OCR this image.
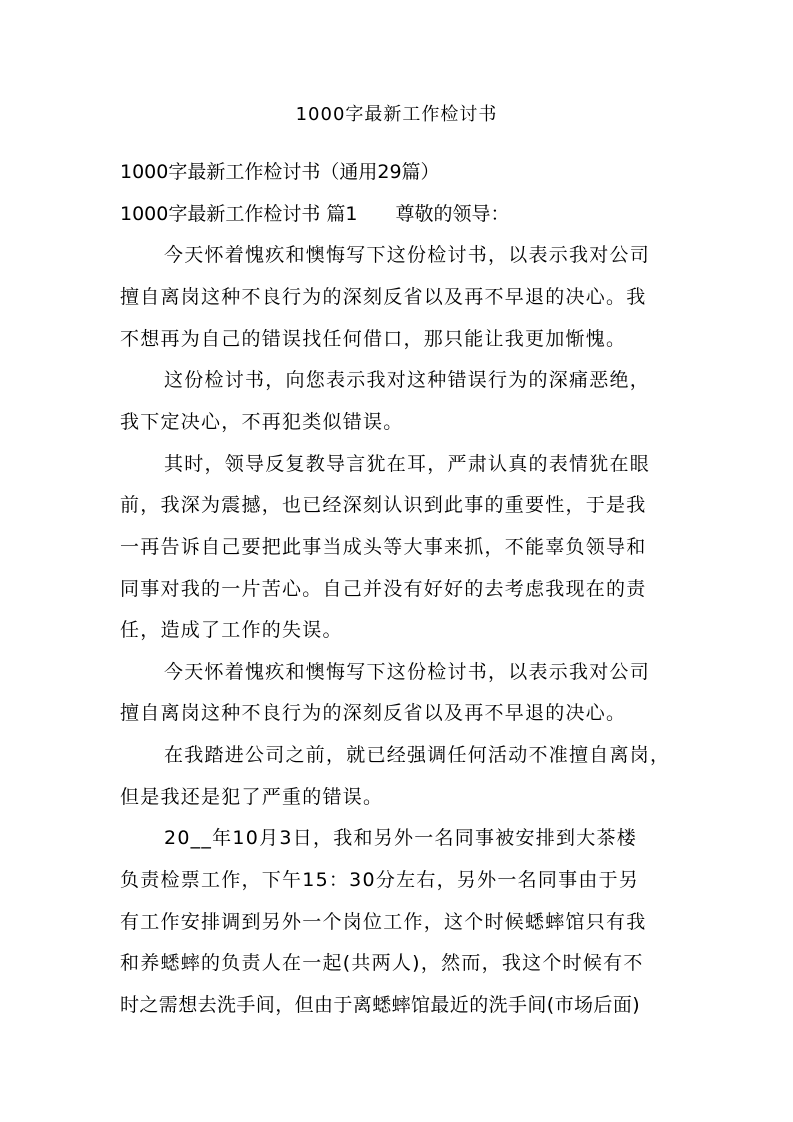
1000字最新工作检讨书

1000字最新工作检讨书（通用29篇）

1000字最新工作检讨书 篇1 尊敬的领导：

今天怀着愧疚和懊悔写下这份检讨书，以表示我对公司

擅自离岗这种不良行为的深刻反省以及再不早退的决心。我

不想再为自己的错误找任何借口，那只能让我更加惭愧。

这份检讨书，向您表示我对这种错误行为的深痛恶绝，

我下定决心，不再犯类似错误。

其时，领导反复教导言犹在耳，严肃认真的表情犹在眼

前，我深为震撼，也已经深刻认识到此事的重要性，于是我

一再告诉自己要把此事当成头等大事来抓，不能辜负领导和

同事对我的一片苦心。自己并没有好好的去考虑我现在的责

任，造成了工作的失误。

今天怀着愧疚和懊悔写下这份检讨书，以表示我对公司

擅自离岗这种不良行为的深刻反省以及再不早退的决心。

在我踏进公司之前，就已经强调任何活动不准擅自离岗，

但是我还是犯了严重的错误。

20__年10月3日，我和另外一名同事被安排到大茶楼

负责检票工作，下午15：30分左右，另外一名同事由于另

有工作安排调到另外一个岗位工作，这个时候蟋蟀馆只有我

和养蟋蟀的负责人在一起(共两人)，然而，我这个时候有不

时之需想去洗手间，但由于离蟋蟀馆最近的洗手间(市场后面)
